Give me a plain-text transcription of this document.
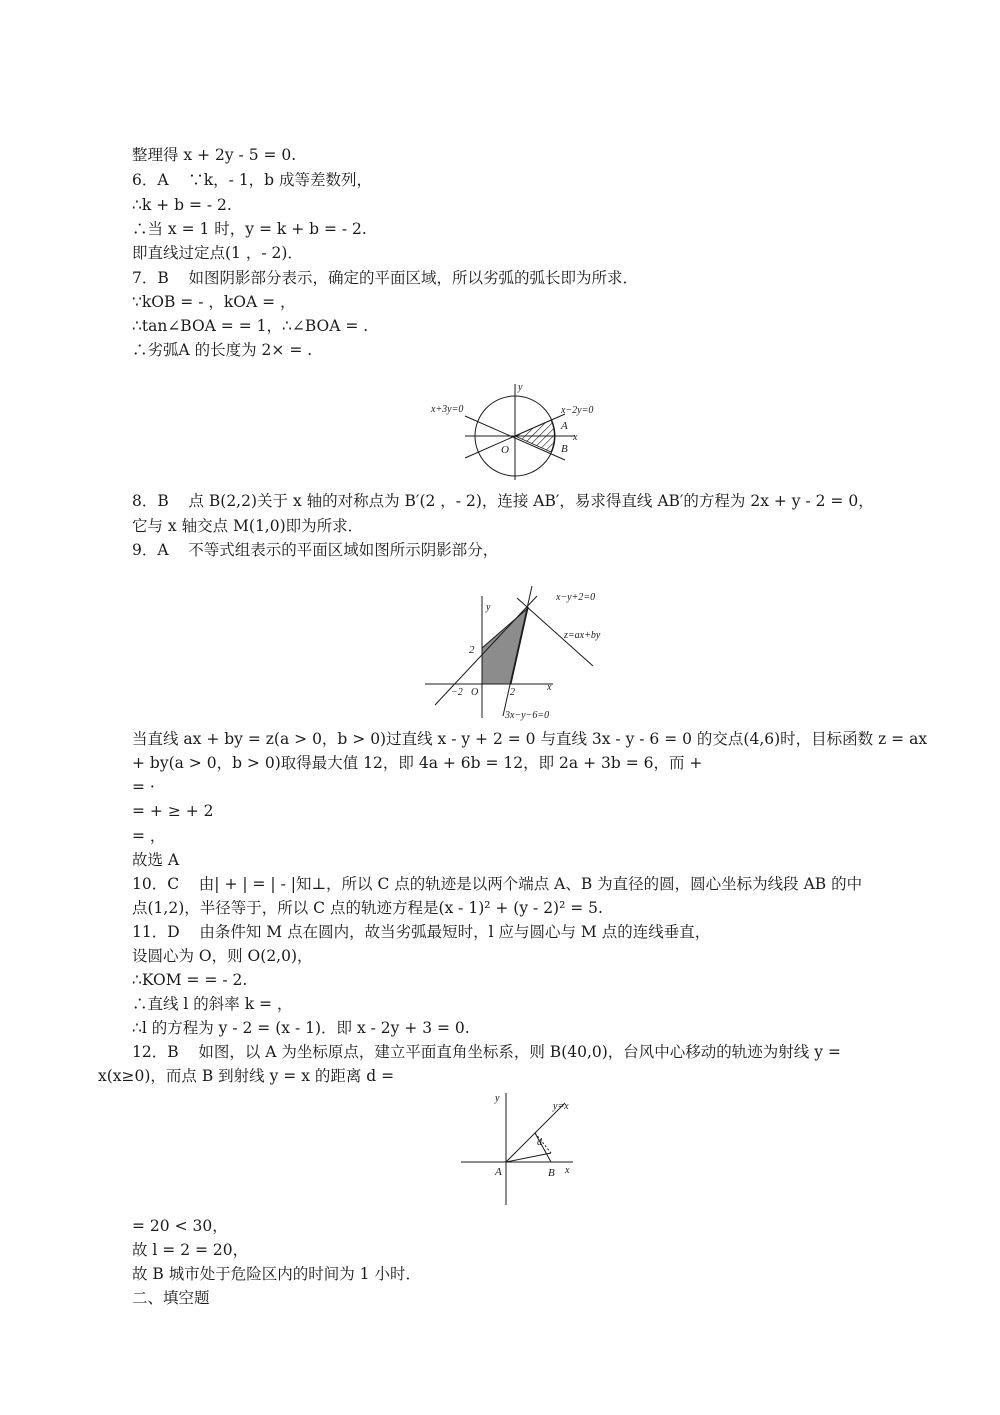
整理得 x + 2y - 5 = 0.
6．A    ∵k，- 1，b 成等差数列，
∴k + b = - 2.
∴当 x = 1 时，y = k + b = - 2.
即直线过定点(1 ，- 2)．
7．B    如图阴影部分表示，确定的平面区域，所以劣弧的弧长即为所求．
∵kOB = - ，kOA = ，
∴tan∠BOA = = 1，∴∠BOA = .
∴劣弧A 的长度为 2× = .
y
x
O
x+3y=0	x−2y=0
A
B
8．B    点 B(2,2)关于 x 轴的对称点为 B′(2 ，- 2)，连接 AB′，易求得直线 AB′的方程为 2x + y - 2 = 0，
它与 x 轴交点 M(1,0)即为所求．
9．A    不等式组表示的平面区域如图所示阴影部分，
y
x
2
−2 O	2
x−y+2=0
z=ax+by
3x−y−6=0
当直线 ax + by = z(a > 0，b > 0)过直线 x - y + 2 = 0 与直线 3x - y - 6 = 0 的交点(4,6)时，目标函数 z = ax
+ by(a > 0，b > 0)取得最大值 12，即 4a + 6b = 12，即 2a + 3b = 6，而 +
= ·
= + ≥ + 2
= ，
故选 A
10．C    由| + | = | - |知⊥，所以 C 点的轨迹是以两个端点 A、B 为直径的圆，圆心坐标为线段 AB 的中
点(1,2)，半径等于，所以 C 点的轨迹方程是(x - 1)² + (y - 2)² = 5.
11．D    由条件知 M 点在圆内，故当劣弧最短时，l 应与圆心与 M 点的连线垂直，
设圆心为 O，则 O(2,0)，
∴KOM = = - 2.
∴直线 l 的斜率 k = ，
∴l 的方程为 y - 2 = (x - 1)．即 x - 2y + 3 = 0.
12．B    如图，以 A 为坐标原点，建立平面直角坐标系，则 B(40,0)，台风中心移动的轨迹为射线 y =
x(x≥0)，而点 B 到射线 y = x 的距离 d =
y
y=x
d
A	B x
= 20 < 30，
故 l = 2 = 20，
故 B 城市处于危险区内的时间为 1 小时．
二、填空题
